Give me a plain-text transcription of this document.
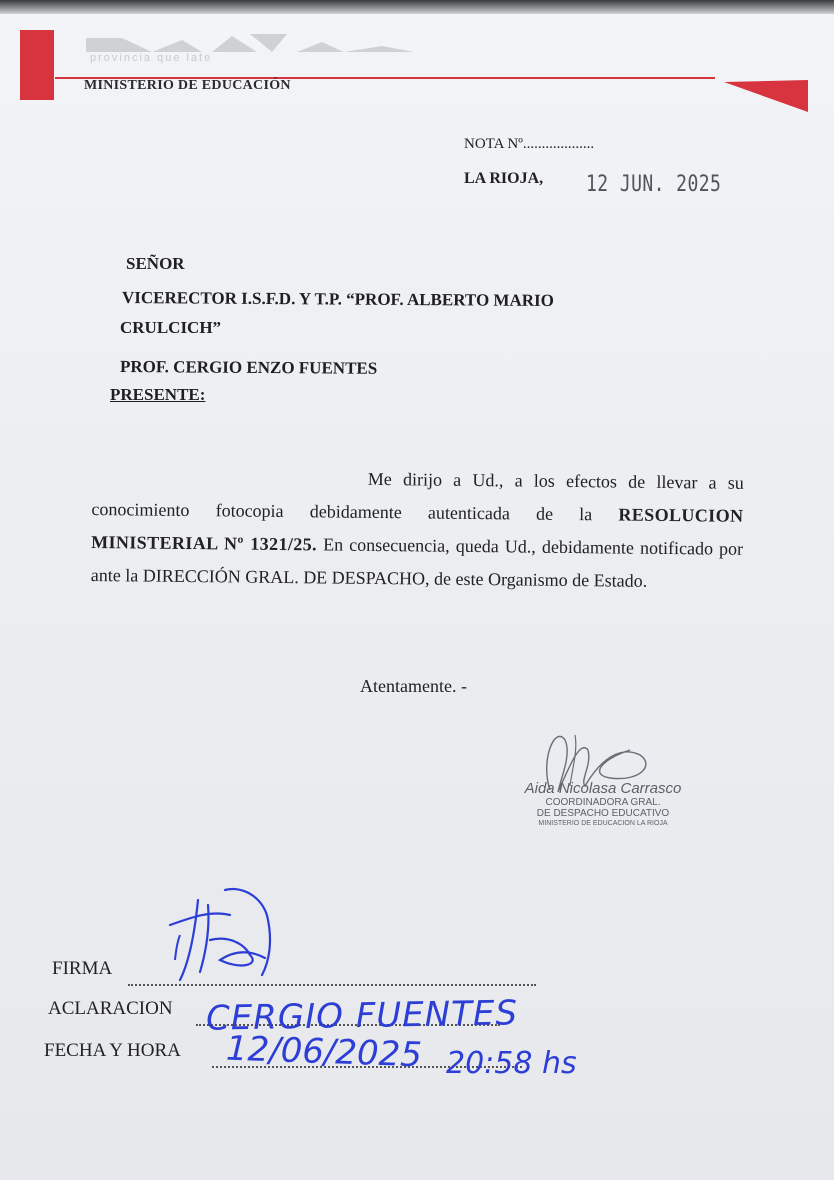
provincia que late
MINISTERIO DE EDUCACIÓN
NOTA Nº...................
LA RIOJA, 12 JUN. 2025
SEÑOR
VICERECTOR I.S.F.D. Y T.P. “PROF. ALBERTO MARIO
CRULCICH”
PROF. CERGIO ENZO FUENTES
PRESENTE:
Me dirijo a Ud., a los efectos de llevar a su conocimiento fotocopia debidamente autenticada de la RESOLUCION MINISTERIAL Nº 1321/25. En consecuencia, queda Ud., debidamente notificado por ante la DIRECCIÓN GRAL. DE DESPACHO, de este Organismo de Estado.
Atentamente. -
Aida Nicolasa Carrasco
COORDINADORA GRAL.
DE DESPACHO EDUCATIVO
MINISTERIO DE EDUCACION LA RIOJA
FIRMA
ACLARACION
FECHA Y HORA
CERGIO FUENTES
12/06/2025 20:58 hs
